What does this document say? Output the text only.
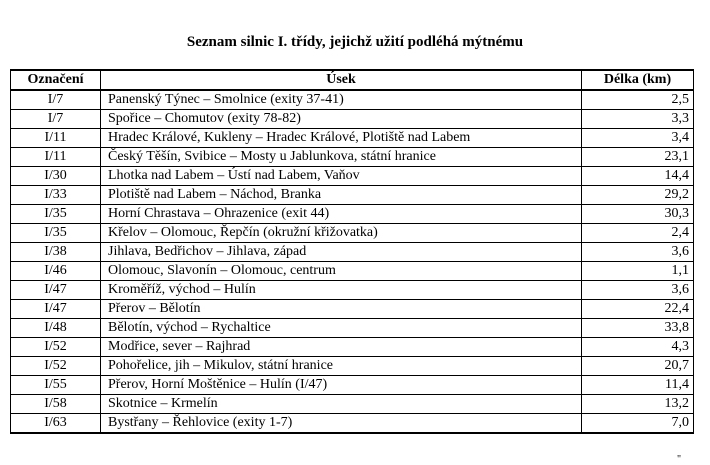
Seznam silnic I. třídy, jejichž užití podléhá mýtnému
Označení	Úsek	Délka (km)
I/7	Panenský Týnec – Smolnice (exity 37-41)	2,5
I/7	Spořice – Chomutov (exity 78-82)	3,3
I/11	Hradec Králové, Kukleny – Hradec Králové, Plotiště nad Labem	3,4
I/11	Český Těšín, Svibice – Mosty u Jablunkova, státní hranice	23,1
I/30	Lhotka nad Labem – Ústí nad Labem, Vaňov	14,4
I/33	Plotiště nad Labem – Náchod, Branka	29,2
I/35	Horní Chrastava – Ohrazenice (exit 44)	30,3
I/35	Křelov – Olomouc, Řepčín (okružní křižovatka)	2,4
I/38	Jihlava, Bedřichov – Jihlava, západ	3,6
I/46	Olomouc, Slavonín – Olomouc, centrum	1,1
I/47	Kroměříž, východ – Hulín	3,6
I/47	Přerov – Bělotín	22,4
I/48	Bělotín, východ – Rychaltice	33,8
I/52	Modřice, sever – Rajhrad	4,3
I/52	Pohořelice, jih – Mikulov, státní hranice	20,7
I/55	Přerov, Horní Moštěnice – Hulín (I/47)	11,4
I/58	Skotnice – Krmelín	13,2
I/63	Bystřany – Řehlovice (exity 1-7)	7,0
"
